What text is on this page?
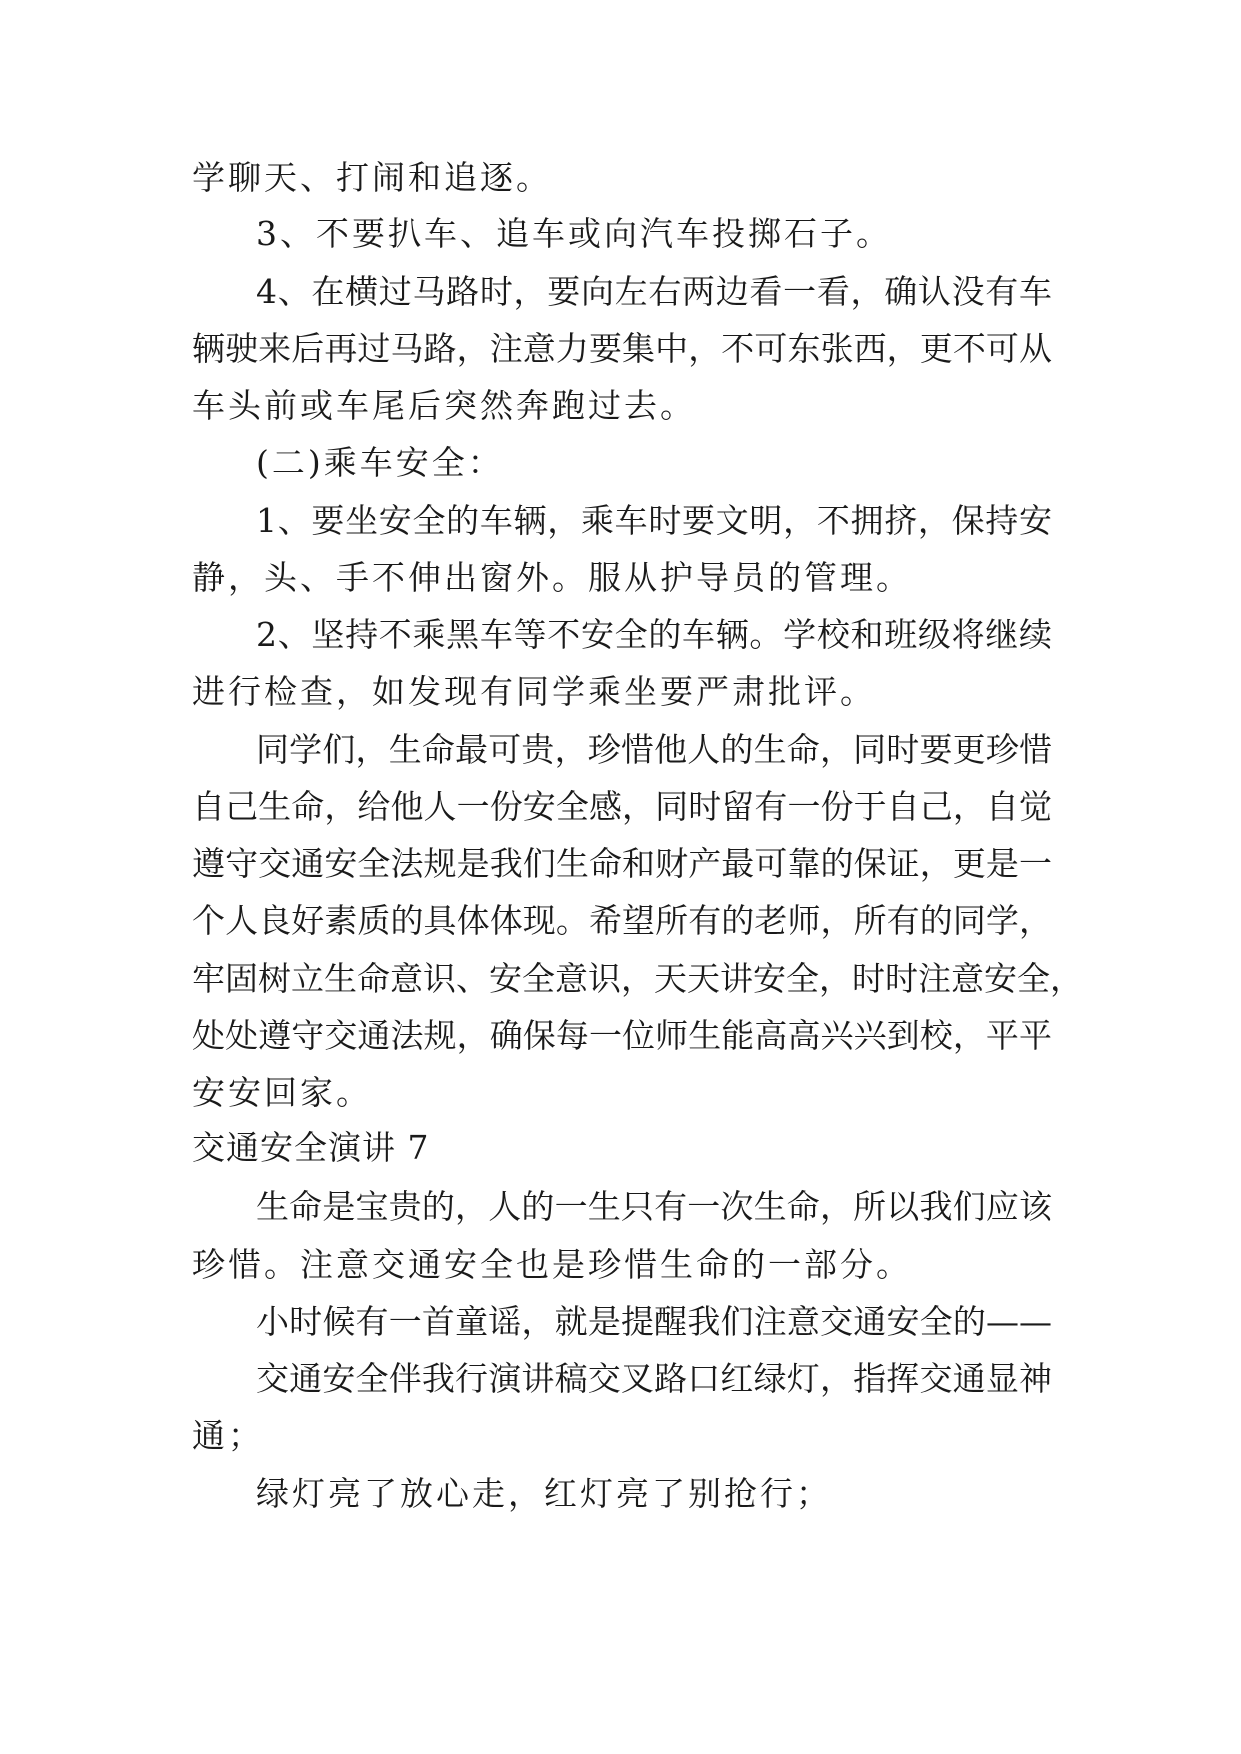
学聊天、打闹和追逐。
3、不要扒车、追车或向汽车投掷石子。
4、在横过马路时，要向左右两边看一看，确认没有车
辆驶来后再过马路，注意力要集中，不可东张西，更不可从
车头前或车尾后突然奔跑过去。
(二)乘车安全：
1、要坐安全的车辆，乘车时要文明，不拥挤，保持安
静，头、手不伸出窗外。服从护导员的管理。
2、坚持不乘黑车等不安全的车辆。学校和班级将继续
进行检查，如发现有同学乘坐要严肃批评。
同学们，生命最可贵，珍惜他人的生命，同时要更珍惜
自己生命，给他人一份安全感，同时留有一份于自己，自觉
遵守交通安全法规是我们生命和财产最可靠的保证，更是一
个人良好素质的具体体现。希望所有的老师，所有的同学，
牢固树立生命意识、安全意识，天天讲安全，时时注意安全，
处处遵守交通法规，确保每一位师生能高高兴兴到校，平平
安安回家。
交通安全演讲 7
生命是宝贵的，人的一生只有一次生命，所以我们应该
珍惜。注意交通安全也是珍惜生命的一部分。
小时候有一首童谣，就是提醒我们注意交通安全的——
交通安全伴我行演讲稿交叉路口红绿灯，指挥交通显神
通；
绿灯亮了放心走，红灯亮了别抢行；
